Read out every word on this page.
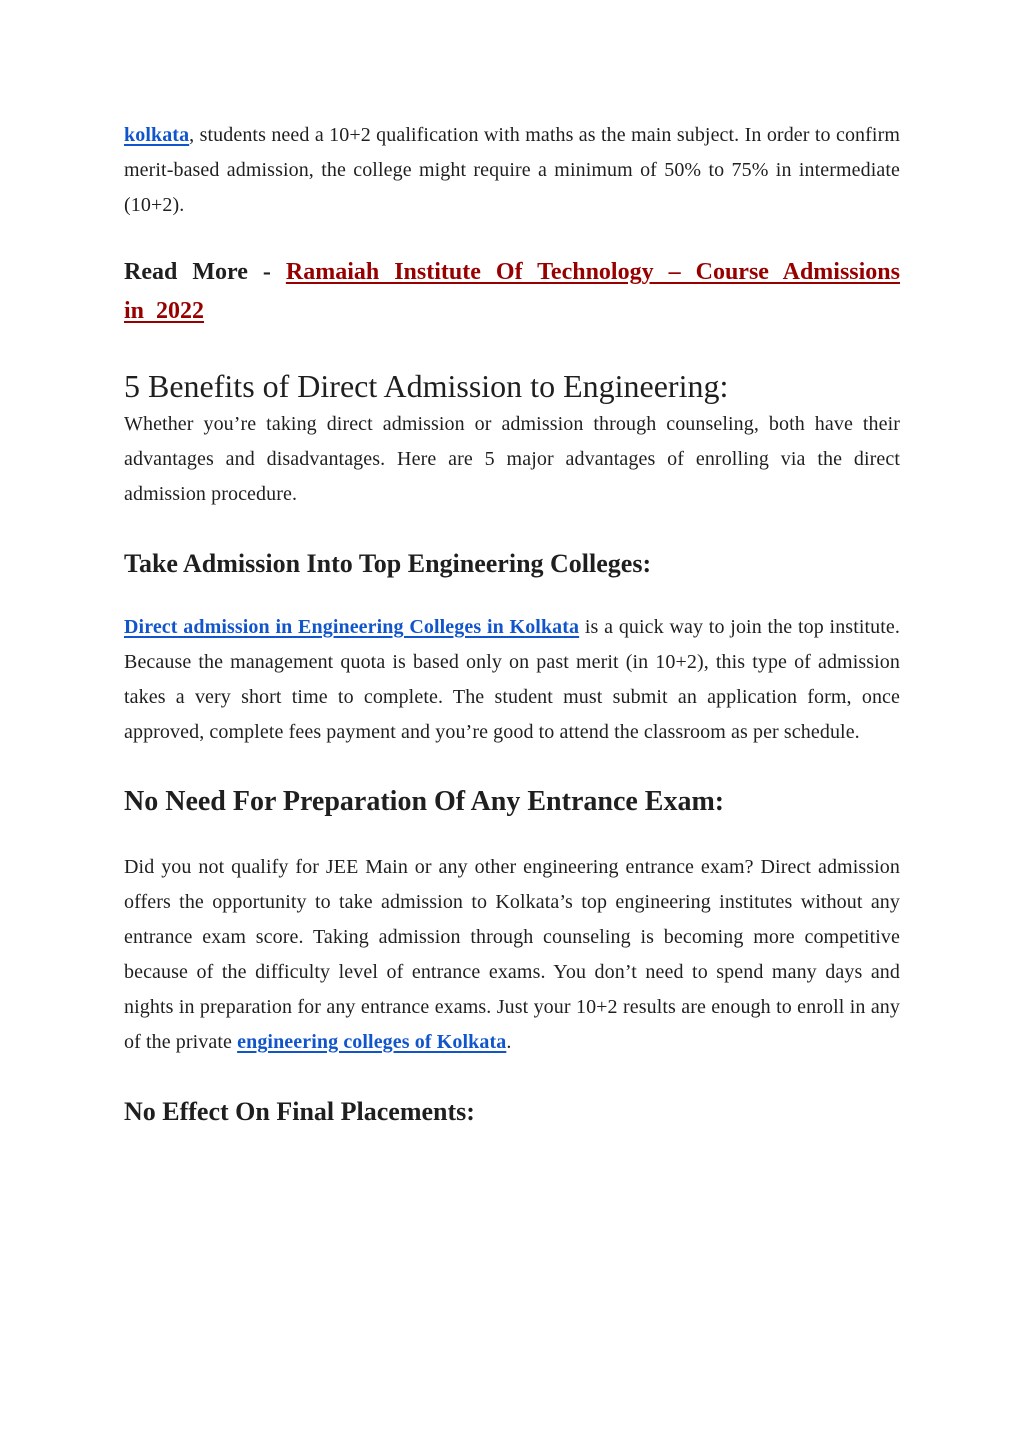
kolkata, students need a 10+2 qualification with maths as the main subject. In order to confirm merit-based admission, the college might require a minimum of 50% to 75% in intermediate (10+2).

Read More - Ramaiah Institute Of Technology – Course Admissions in 2022

5 Benefits of Direct Admission to Engineering:

Whether you’re taking direct admission or admission through counseling, both have their advantages and disadvantages. Here are 5 major advantages of enrolling via the direct admission procedure.

Take Admission Into Top Engineering Colleges:

Direct admission in Engineering Colleges in Kolkata is a quick way to join the top institute. Because the management quota is based only on past merit (in 10+2), this type of admission takes a very short time to complete. The student must submit an application form, once approved, complete fees payment and you’re good to attend the classroom as per schedule.

No Need For Preparation Of Any Entrance Exam:

Did you not qualify for JEE Main or any other engineering entrance exam? Direct admission offers the opportunity to take admission to Kolkata’s top engineering institutes without any entrance exam score. Taking admission through counseling is becoming more competitive because of the difficulty level of entrance exams. You don’t need to spend many days and nights in preparation for any entrance exams. Just your 10+2 results are enough to enroll in any of the private engineering colleges of Kolkata.

No Effect On Final Placements:
